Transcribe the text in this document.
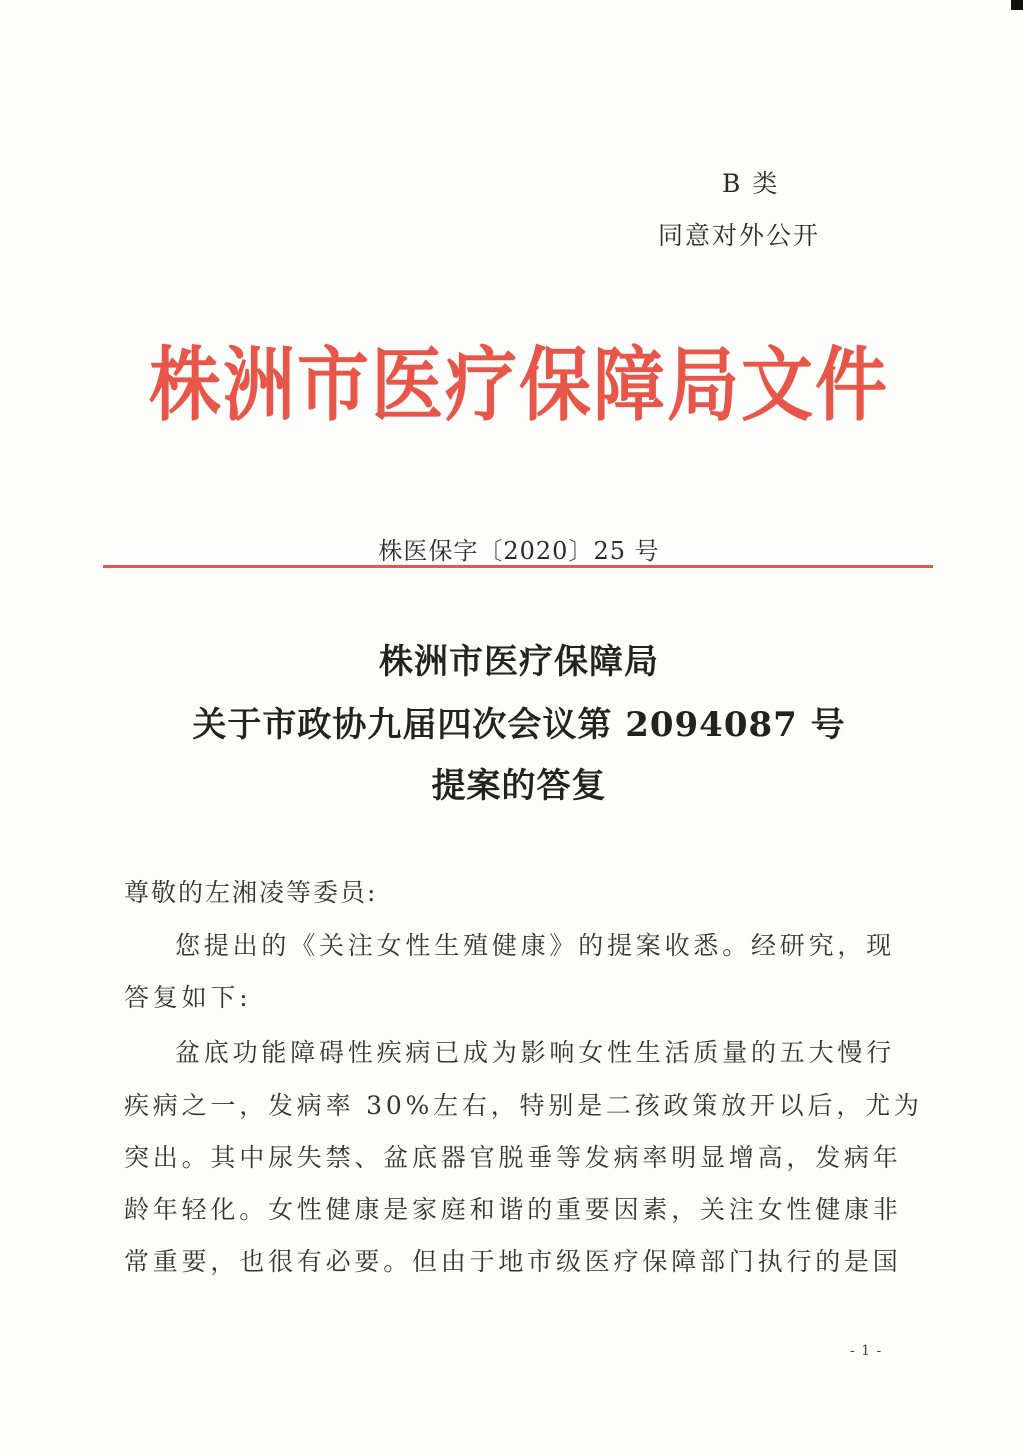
B 类
同意对外公开
株洲市医疗保障局文件
株医保字〔2020〕25 号
株洲市医疗保障局
关于市政协九届四次会议第 2094087 号
提案的答复
尊敬的左湘凌等委员:
您提出的《关注女性生殖健康》的提案收悉。经研究，现
答复如下:
盆底功能障碍性疾病已成为影响女性生活质量的五大慢行
疾病之一，发病率 30%左右，特别是二孩政策放开以后，尤为
突出。其中尿失禁、盆底器官脱垂等发病率明显增高，发病年
龄年轻化。女性健康是家庭和谐的重要因素，关注女性健康非
常重要，也很有必要。但由于地市级医疗保障部门执行的是国
- 1 -
